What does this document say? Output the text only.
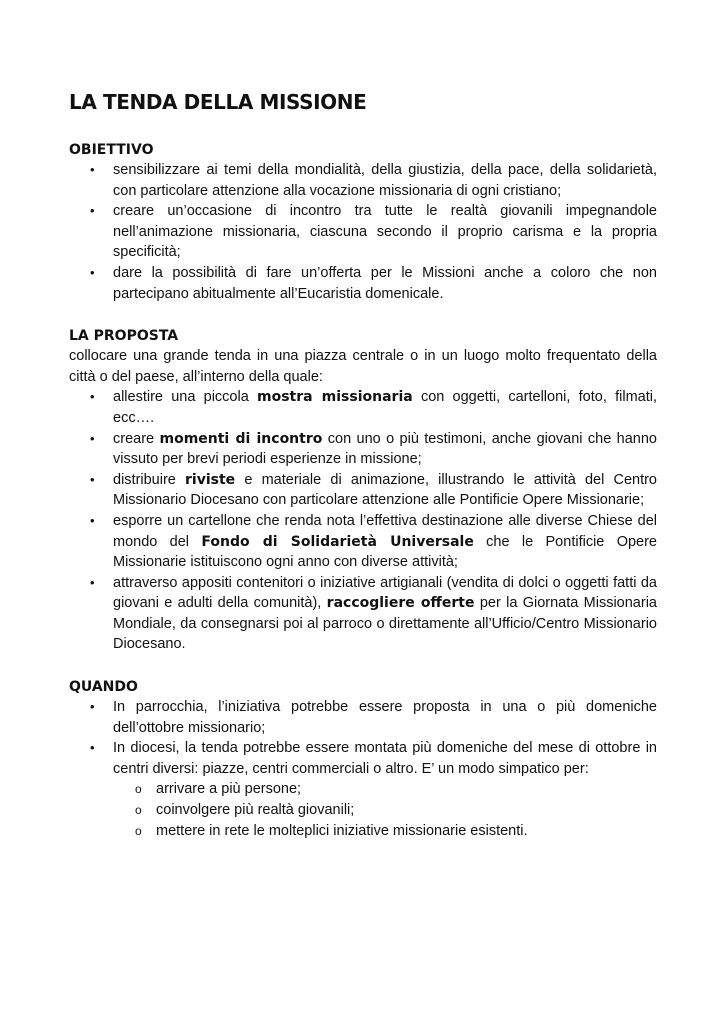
LA TENDA DELLA MISSIONE
OBIETTIVO
• sensibilizzare ai temi della mondialità, della giustizia, della pace, della solidarietà, con particolare attenzione alla vocazione missionaria di ogni cristiano;
• creare un’occasione di incontro tra tutte le realtà giovanili impegnandole nell’animazione missionaria, ciascuna secondo il proprio carisma e la propria specificità;
• dare la possibilità di fare un’offerta per le Missioni anche a coloro che non partecipano abitualmente all’Eucaristia domenicale.
LA PROPOSTA

collocare una grande tenda in una piazza centrale o in un luogo molto frequentato della città o del paese, all’interno della quale:

• allestire una piccola mostra missionaria con oggetti, cartelloni, foto, filmati, ecc….
• creare momenti di incontro con uno o più testimoni, anche giovani che hanno vissuto per brevi periodi esperienze in missione;
• distribuire riviste e materiale di animazione, illustrando le attività del Centro Missionario Diocesano con particolare attenzione alle Pontificie Opere Missionarie;
• esporre un cartellone che renda nota l’effettiva destinazione alle diverse Chiese del mondo del Fondo di Solidarietà Universale che le Pontificie Opere Missionarie istituiscono ogni anno con diverse attività;
• attraverso appositi contenitori o iniziative artigianali (vendita di dolci o oggetti fatti da giovani e adulti della comunità), raccogliere offerte per la Giornata Missionaria Mondiale, da consegnarsi poi al parroco o direttamente all’Ufficio/Centro Missionario Diocesano.
QUANDO
• In parrocchia, l’iniziativa potrebbe essere proposta in una o più domeniche dell’ottobre missionario;
• In diocesi, la tenda potrebbe essere montata più domeniche del mese di ottobre in centri diversi: piazze, centri commerciali o altro. E’ un modo simpatico per:
o arrivare a più persone;
o coinvolgere più realtà giovanili;
o mettere in rete le molteplici iniziative missionarie esistenti.
